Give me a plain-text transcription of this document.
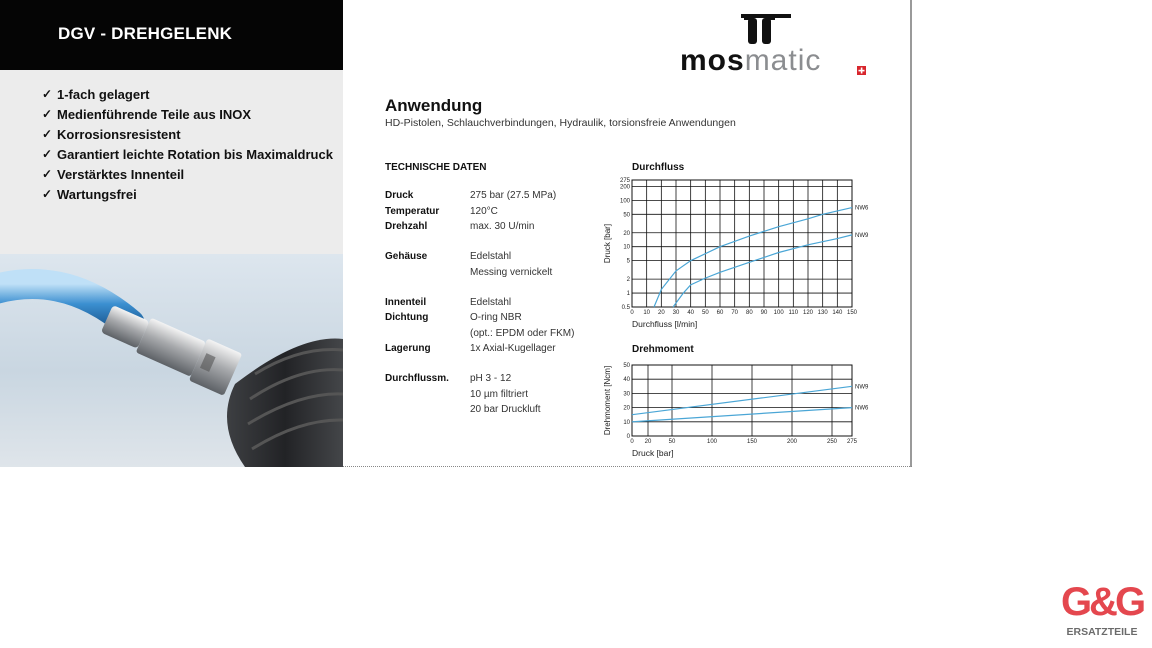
DGV - DREHGELENK
✓ 1-fach gelagert
✓ Medienführende Teile aus INOX
✓ Korrosionsresistent
✓ Garantiert leichte Rotation bis Maximaldruck
✓ Verstärktes Innenteil
✓ Wartungsfrei
mosmatic
Anwendung
HD-Pistolen, Schlauchverbindungen, Hydraulik, torsionsfreie Anwendungen
TECHNISCHE DATEN
Druck	275 bar (27.5 MPa)
Temperatur	120°C
Drehzahl	max. 30 U/min
Gehäuse	Edelstahl
Messing vernickelt
Innenteil	Edelstahl
Dichtung	O-ring NBR
(opt.: EPDM oder FKM)
Lagerung	1x Axial-Kugellager
Durchflussm. pH 3 - 12
10 µm filtriert
20 bar Druckluft
Durchfluss
0 10 20 30 40 50 60 70 80 90 100 110 120 130 140 150
0.5
1
2
5
10
20
50
100
200
275
Druck [bar]
NW6
NW9
Durchfluss [l/min]
Drehmoment
0 20	50	100	150	200	250 275
0
10
20
30
40
50
Drehmoment [Ncm]	NW9
NW6
Druck [bar]
G&G
ERSATZTEILE
